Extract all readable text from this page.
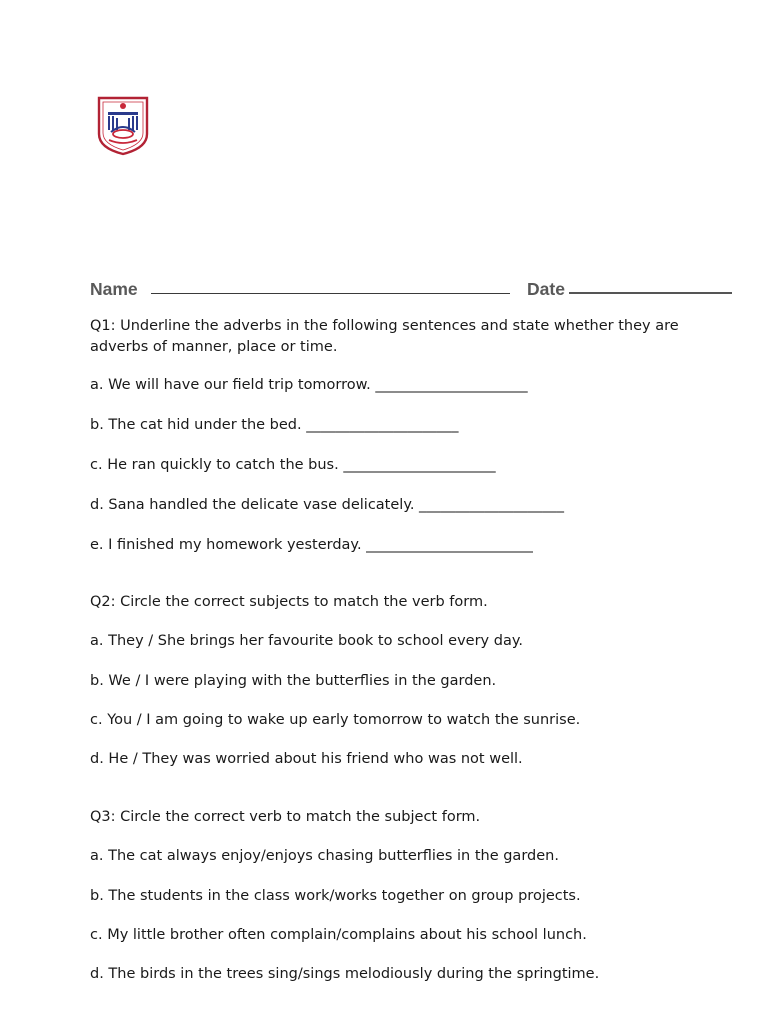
Name	Date
Q1: Underline the adverbs in the following sentences and state whether they are adverbs of manner, place or time.
a. We will have our field trip tomorrow. _____________________
b. The cat hid under the bed. _____________________
c. He ran quickly to catch the bus. _____________________
d. Sana handled the delicate vase delicately. ____________________
e. I finished my homework yesterday. _______________________
Q2: Circle the correct subjects to match the verb form.
a. They / She brings her favourite book to school every day.
b. We / I were playing with the butterflies in the garden.
c. You / I am going to wake up early tomorrow to watch the sunrise.
d. He / They was worried about his friend who was not well.
Q3: Circle the correct verb to match the subject form.
a. The cat always enjoy/enjoys chasing butterflies in the garden.
b. The students in the class work/works together on group projects.
c. My little brother often complain/complains about his school lunch.
d. The birds in the trees sing/sings melodiously during the springtime.
